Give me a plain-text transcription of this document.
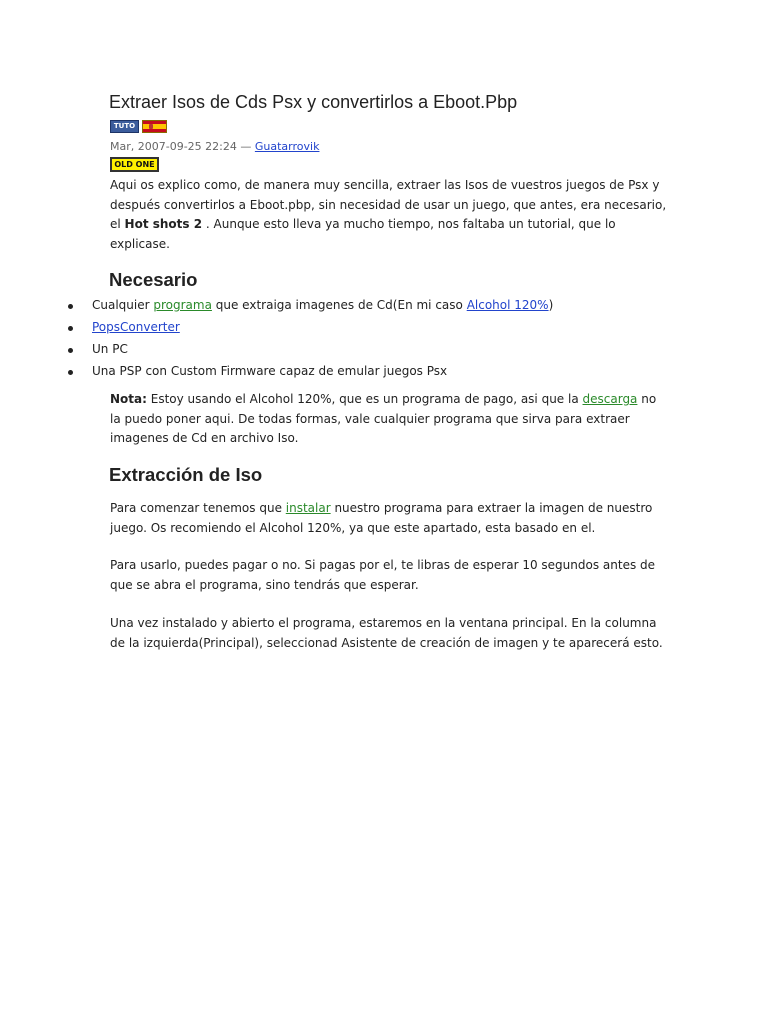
Extraer Isos de Cds Psx y convertirlos a Eboot.Pbp
TUTO
Mar, 2007-09-25 22:24 — Guatarrovik
OLD ONE

Aqui os explico como, de manera muy sencilla, extraer las Isos de vuestros juegos de Psx y después convertirlos a Eboot.pbp, sin necesidad de usar un juego, que antes, era necesario, el Hot shots 2 . Aunque esto lleva ya mucho tiempo, nos faltaba un tutorial, que lo explicase.

Necesario
Cualquier programa que extraiga imagenes de Cd(En mi caso Alcohol 120%)
PopsConverter
Un PC
Una PSP con Custom Firmware capaz de emular juegos Psx

Nota: Estoy usando el Alcohol 120%, que es un programa de pago, asi que la descarga no la puedo poner aqui. De todas formas, vale cualquier programa que sirva para extraer imagenes de Cd en archivo Iso.

Extracción de Iso

Para comenzar tenemos que instalar nuestro programa para extraer la imagen de nuestro juego. Os recomiendo el Alcohol 120%, ya que este apartado, esta basado en el.

Para usarlo, puedes pagar o no. Si pagas por el, te libras de esperar 10 segundos antes de que se abra el programa, sino tendrás que esperar.

Una vez instalado y abierto el programa, estaremos en la ventana principal. En la columna de la izquierda(Principal), seleccionad Asistente de creación de imagen y te aparecerá esto.
